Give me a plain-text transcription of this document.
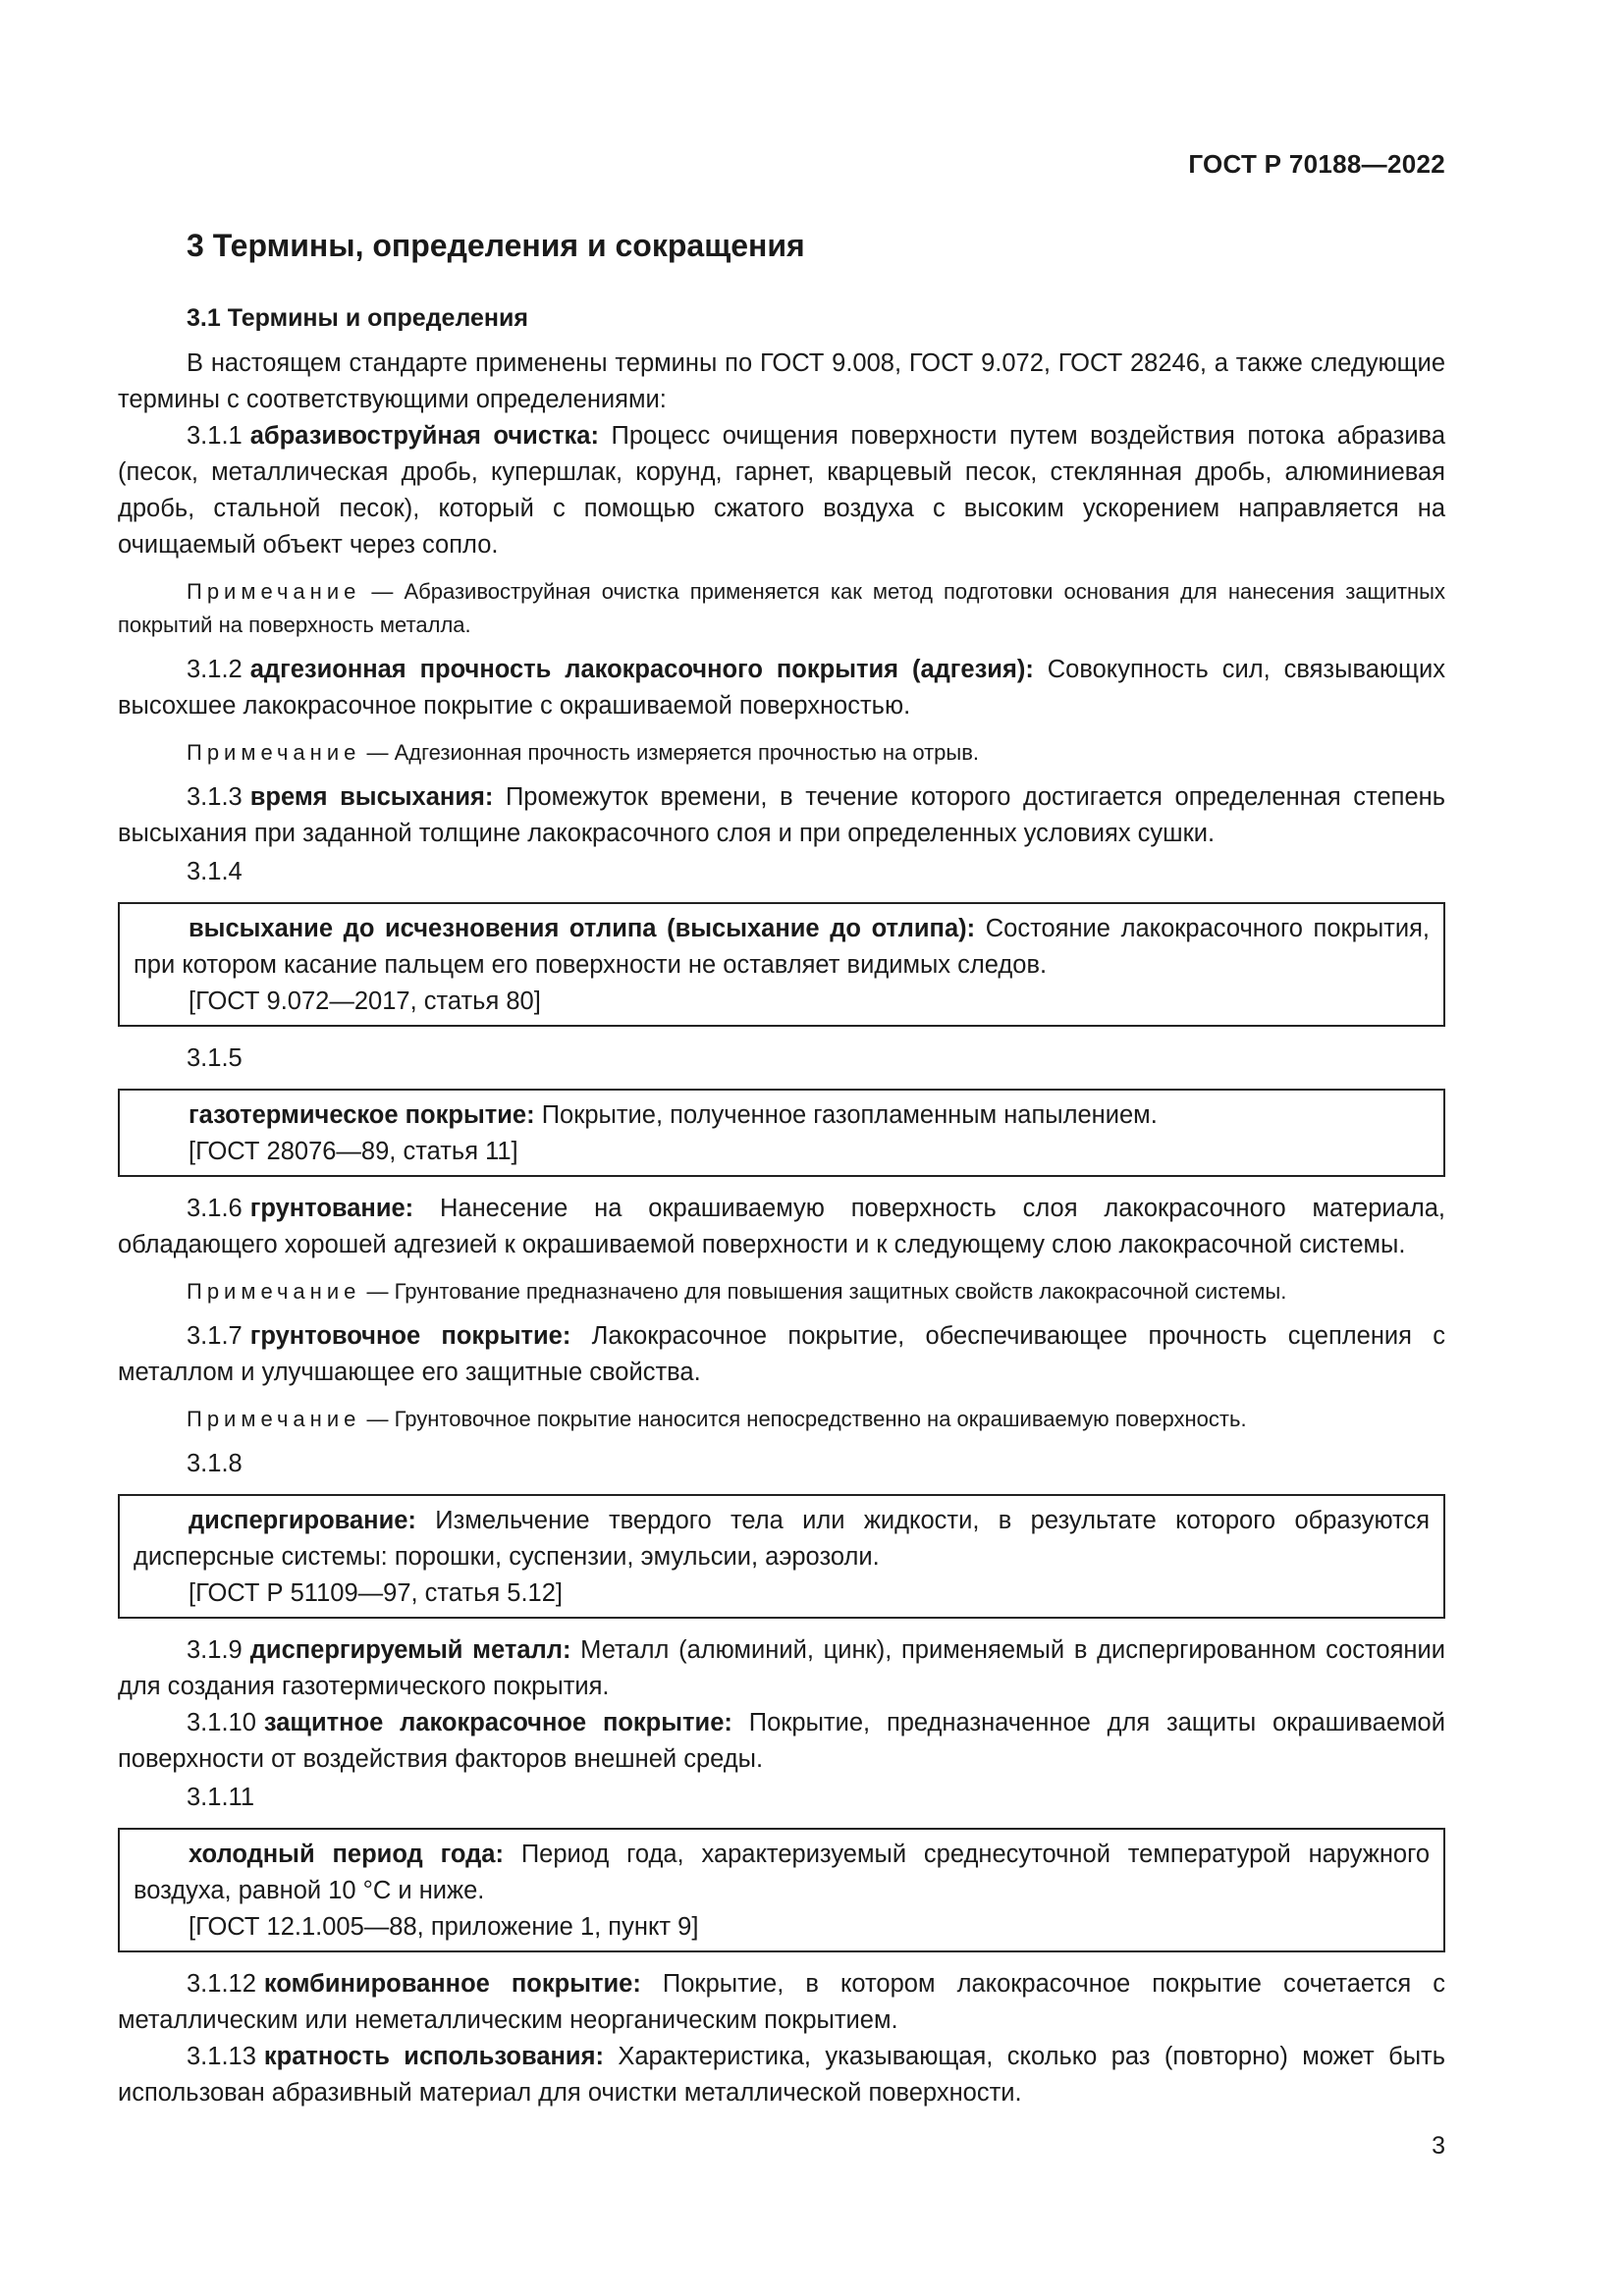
ГОСТ Р 70188—2022
3 Термины, определения и сокращения
3.1 Термины и определения

В настоящем стандарте применены термины по ГОСТ 9.008, ГОСТ 9.072, ГОСТ 28246, а также следующие термины с соответствующими определениями:

3.1.1 абразивоструйная очистка: Процесс очищения поверхности путем воздействия потока абразива (песок, металлическая дробь, купершлак, корунд, гарнет, кварцевый песок, стеклянная дробь, алюминиевая дробь, стальной песок), который с помощью сжатого воздуха с высоким ускорением направляется на очищаемый объект через сопло.

Примечание — Абразивоструйная очистка применяется как метод подготовки основания для нанесения защитных покрытий на поверхность металла.

3.1.2 адгезионная прочность лакокрасочного покрытия (адгезия): Совокупность сил, связывающих высохшее лакокрасочное покрытие с окрашиваемой поверхностью.

Примечание — Адгезионная прочность измеряется прочностью на отрыв.

3.1.3 время высыхания: Промежуток времени, в течение которого достигается определенная степень высыхания при заданной толщине лакокрасочного слоя и при определенных условиях сушки.

3.1.4

высыхание до исчезновения отлипа (высыхание до отлипа): Состояние лакокрасочного покрытия, при котором касание пальцем его поверхности не оставляет видимых следов.

[ГОСТ 9.072—2017, статья 80]
3.1.5

газотермическое покрытие: Покрытие, полученное газопламенным напылением.

[ГОСТ 28076—89, статья 11]

3.1.6 грунтование: Нанесение на окрашиваемую поверхность слоя лакокрасочного материала, обладающего хорошей адгезией к окрашиваемой поверхности и к следующему слою лакокрасочной системы.

Примечание — Грунтование предназначено для повышения защитных свойств лакокрасочной системы.

3.1.7 грунтовочное покрытие: Лакокрасочное покрытие, обеспечивающее прочность сцепления с металлом и улучшающее его защитные свойства.

Примечание — Грунтовочное покрытие наносится непосредственно на окрашиваемую поверхность.

3.1.8

диспергирование: Измельчение твердого тела или жидкости, в результате которого образуются дисперсные системы: порошки, суспензии, эмульсии, аэрозоли.

[ГОСТ Р 51109—97, статья 5.12]

3.1.9 диспергируемый металл: Металл (алюминий, цинк), применяемый в диспергированном состоянии для создания газотермического покрытия.

3.1.10 защитное лакокрасочное покрытие: Покрытие, предназначенное для защиты окрашиваемой поверхности от воздействия факторов внешней среды.

3.1.11

холодный период года: Период года, характеризуемый среднесуточной температурой наружного воздуха, равной 10 °С и ниже.

[ГОСТ 12.1.005—88, приложение 1, пункт 9]

3.1.12 комбинированное покрытие: Покрытие, в котором лакокрасочное покрытие сочетается с металлическим или неметаллическим неорганическим покрытием.

3.1.13 кратность использования: Характеристика, указывающая, сколько раз (повторно) может быть использован абразивный материал для очистки металлической поверхности.

3
